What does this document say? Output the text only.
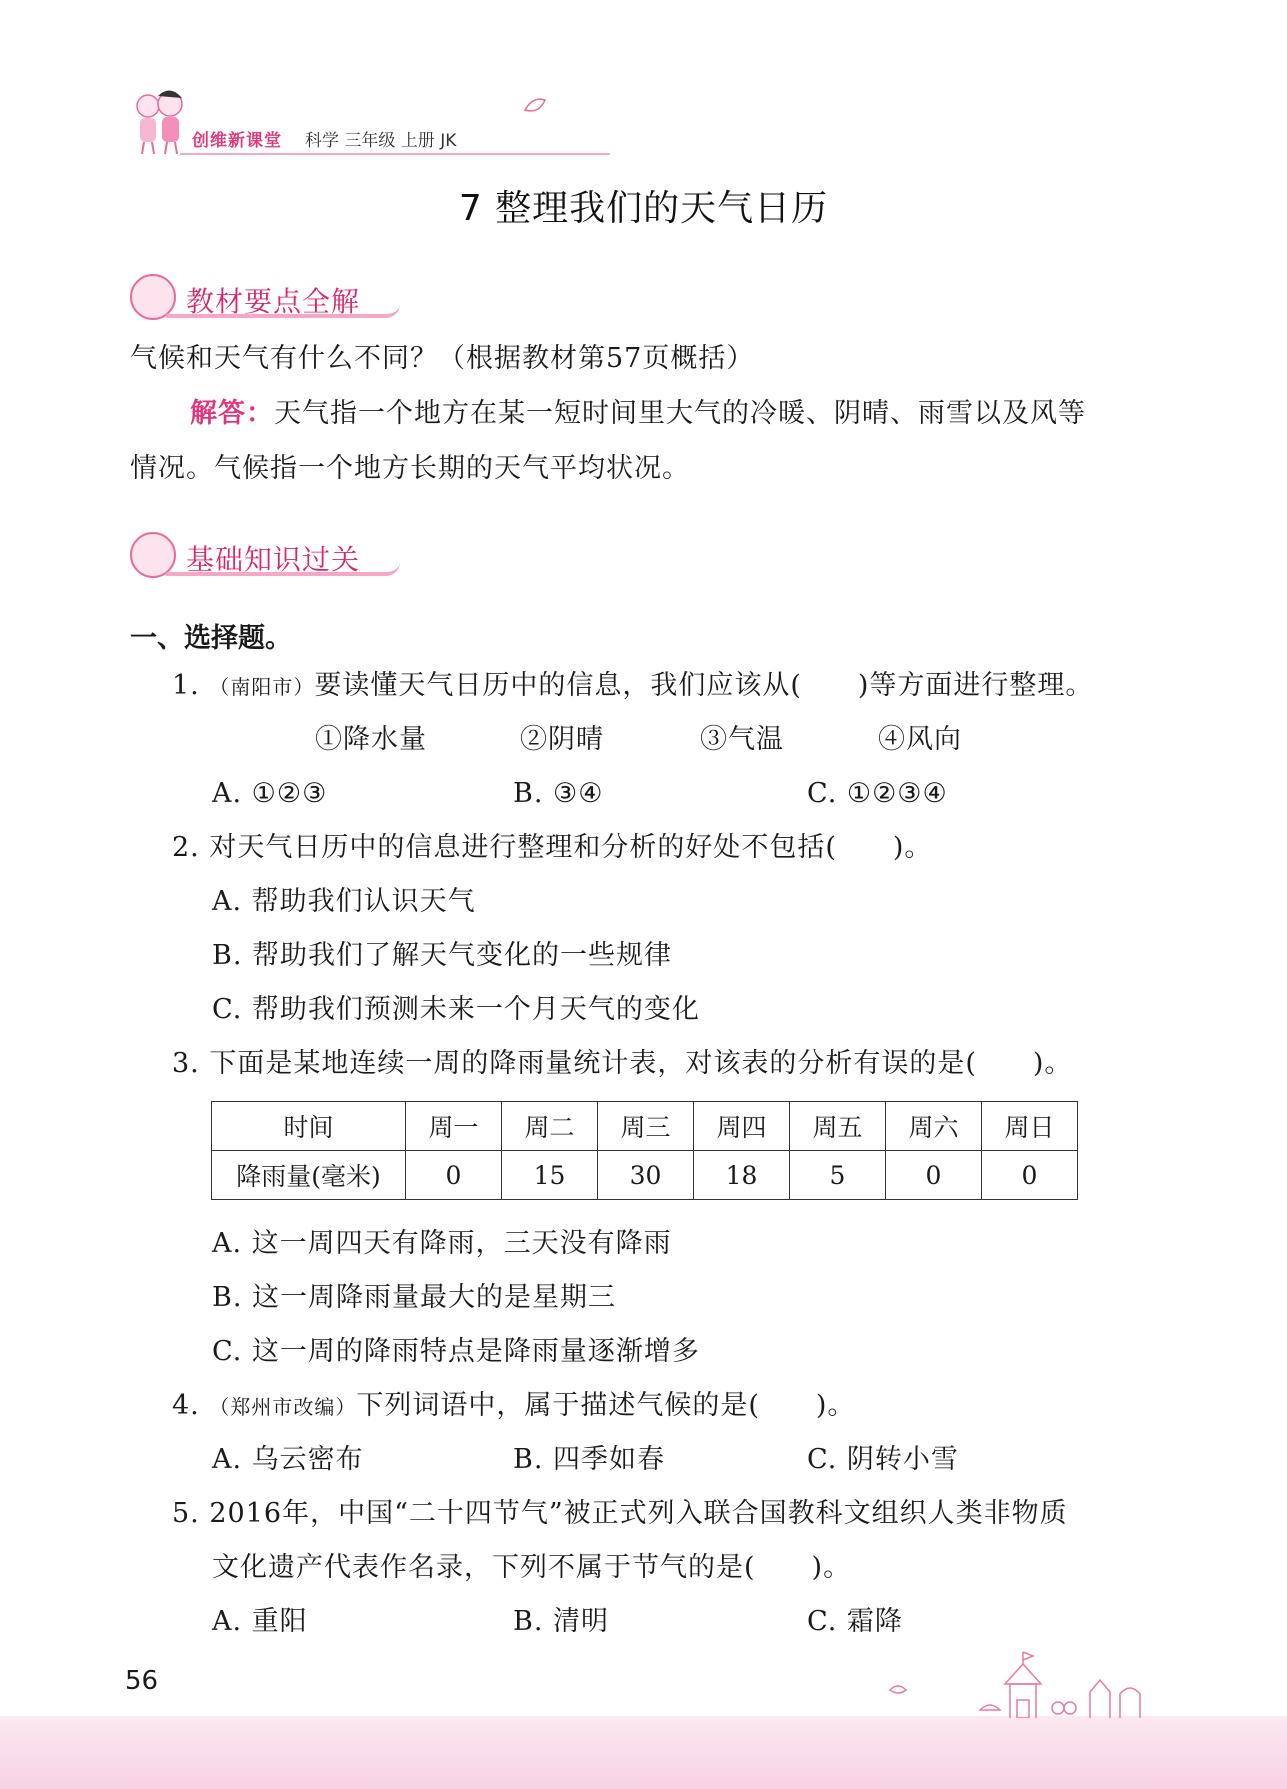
创维新课堂 科学 三年级 上册 JK
7 整理我们的天气日历
教材要点全解
气候和天气有什么不同？（根据教材第57页概括）
解答：天气指一个地方在某一短时间里大气的冷暖、阴晴、雨雪以及风等
情况。气候指一个地方长期的天气平均状况。
基础知识过关
一、选择题。
1. （南阳市）要读懂天气日历中的信息，我们应该从(　　)等方面进行整理。
①降水量	②阴晴	③气温	④风向
A. ①②③	B. ③④	C. ①②③④
2. 对天气日历中的信息进行整理和分析的好处不包括(　　)。
A. 帮助我们认识天气
B. 帮助我们了解天气变化的一些规律
C. 帮助我们预测未来一个月天气的变化
3. 下面是某地连续一周的降雨量统计表，对该表的分析有误的是(　　)。
时间	周一	周二	周三	周四	周五	周六	周日
降雨量(毫米)	0	15	30	18	5	0	0
A. 这一周四天有降雨，三天没有降雨
B. 这一周降雨量最大的是星期三
C. 这一周的降雨特点是降雨量逐渐增多
4. （郑州市改编）下列词语中，属于描述气候的是(　　)。
A. 乌云密布	B. 四季如春	C. 阴转小雪
5. 2016年，中国“二十四节气”被正式列入联合国教科文组织人类非物质
文化遗产代表作名录，下列不属于节气的是(　　)。
A. 重阳	B. 清明	C. 霜降
56
